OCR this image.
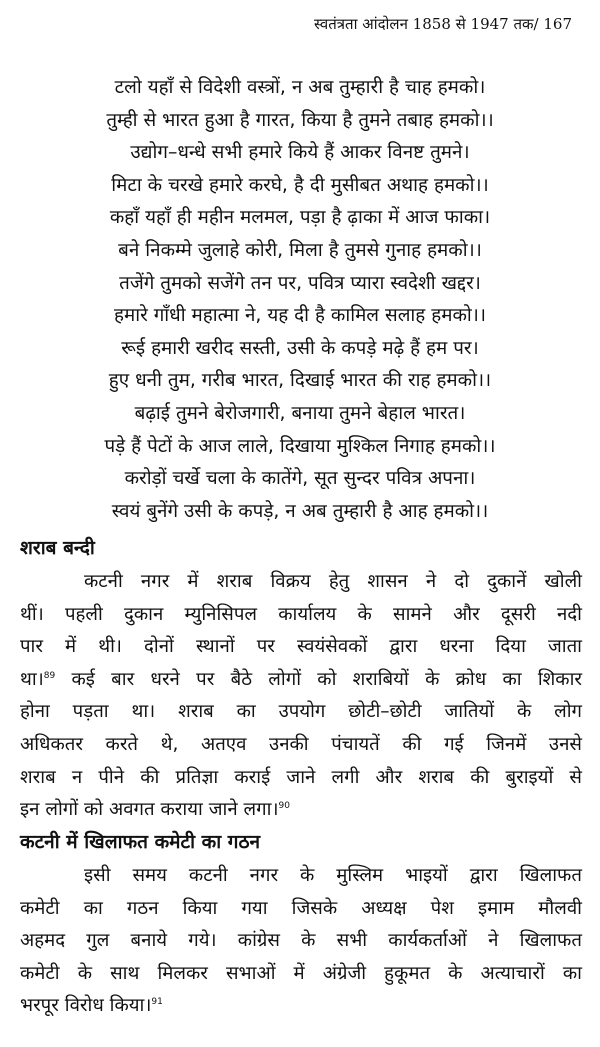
स्वतंत्रता आंदोलन 1858 से 1947 तक/ 167
टलो यहाँ से विदेशी वस्त्रों, न अब तुम्हारी है चाह हमको।
तुम्ही से भारत हुआ है गारत, किया है तुमने तबाह हमको।।
उद्योग–धन्धे सभी हमारे किये हैं आकर विनष्ट तुमने।
मिटा के चरखे हमारे करघे, है दी मुसीबत अथाह हमको।।
कहाँ यहाँ ही महीन मलमल, पड़ा है ढ़ाका में आज फाका।
बने निकम्मे जुलाहे कोरी, मिला है तुमसे गुनाह हमको।।
तजेंगे तुमको सजेंगे तन पर, पवित्र प्यारा स्वदेशी खद्दर।
हमारे गाँधी महात्मा ने, यह दी है कामिल सलाह हमको।।
रूई हमारी खरीद सस्ती, उसी के कपड़े मढ़े हैं हम पर।
हुए धनी तुम, गरीब भारत, दिखाई भारत की राह हमको।।
बढ़ाई तुमने बेरोजगारी, बनाया तुमने बेहाल भारत।
पड़े हैं पेटों के आज लाले, दिखाया मुश्किल निगाह हमको।।
करोड़ों चर्खे चला के कातेंगे, सूत सुन्दर पवित्र अपना।
स्वयं बुनेंगे उसी के कपड़े, न अब तुम्हारी है आह हमको।।
शराब बन्दी
कटनी नगर में शराब विक्रय हेतु शासन ने दो दुकानें खोली
थीं। पहली दुकान म्युनिसिपल कार्यालय के सामने और दूसरी नदी
पार में थी। दोनों स्थानों पर स्वयंसेवकों द्वारा धरना दिया जाता
था।$^{89}$ कई बार धरने पर बैठे लोगों को शराबियों के क्रोध का शिकार
होना पड़ता था। शराब का उपयोग छोटी–छोटी जातियों के लोग
अधिकतर करते थे, अतएव उनकी पंचायतें की गई जिनमें उनसे
शराब न पीने की प्रतिज्ञा कराई जाने लगी और शराब की बुराइयों से
इन लोगों को अवगत कराया जाने लगा।$^{90}$
कटनी में खिलाफत कमेटी का गठन
इसी समय कटनी नगर के मुस्लिम भाइयों द्वारा खिलाफत
कमेटी का गठन किया गया जिसके अध्यक्ष पेश इमाम मौलवी
अहमद गुल बनाये गये। कांग्रेस के सभी कार्यकर्ताओं ने खिलाफत
कमेटी के साथ मिलकर सभाओं में अंग्रेजी हुकूमत के अत्याचारों का
भरपूर विरोध किया।$^{91}$
